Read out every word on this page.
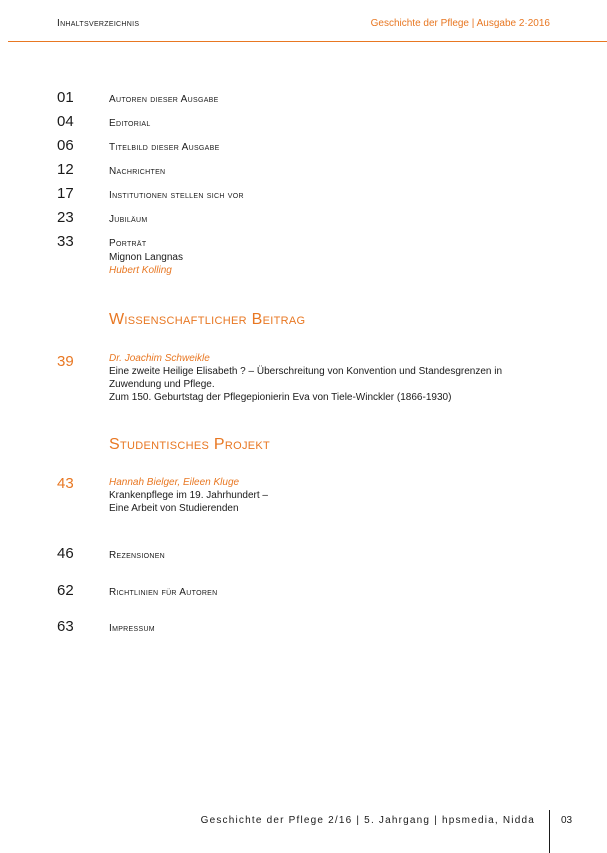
Inhaltsverzeichnis	Geschichte der Pflege | Ausgabe 2·2016
01	Autoren dieser Ausgabe
04	Editorial
06	Titelbild dieser Ausgabe
12	Nachrichten
17	Institutionen stellen sich vor
23	Jubiläum
33	Porträt
Mignon Langnas
Hubert Kolling
Wissenschaftlicher Beitrag
39	Dr. Joachim Schweikle
Eine zweite Heilige Elisabeth ? – Überschreitung von Konvention und Standesgrenzen in
Zuwendung und Pflege.
Zum 150. Geburtstag der Pflegepionierin Eva von Tiele-Winckler (1866-1930)
Studentisches Projekt
43	Hannah Bielger, Eileen Kluge
Krankenpflege im 19. Jahrhundert –
Eine Arbeit von Studierenden
46	Rezensionen
62	Richtlinien für Autoren
63	Impressum
Geschichte der Pflege 2/16 | 5. Jahrgang | hpsmedia, Nidda	03
